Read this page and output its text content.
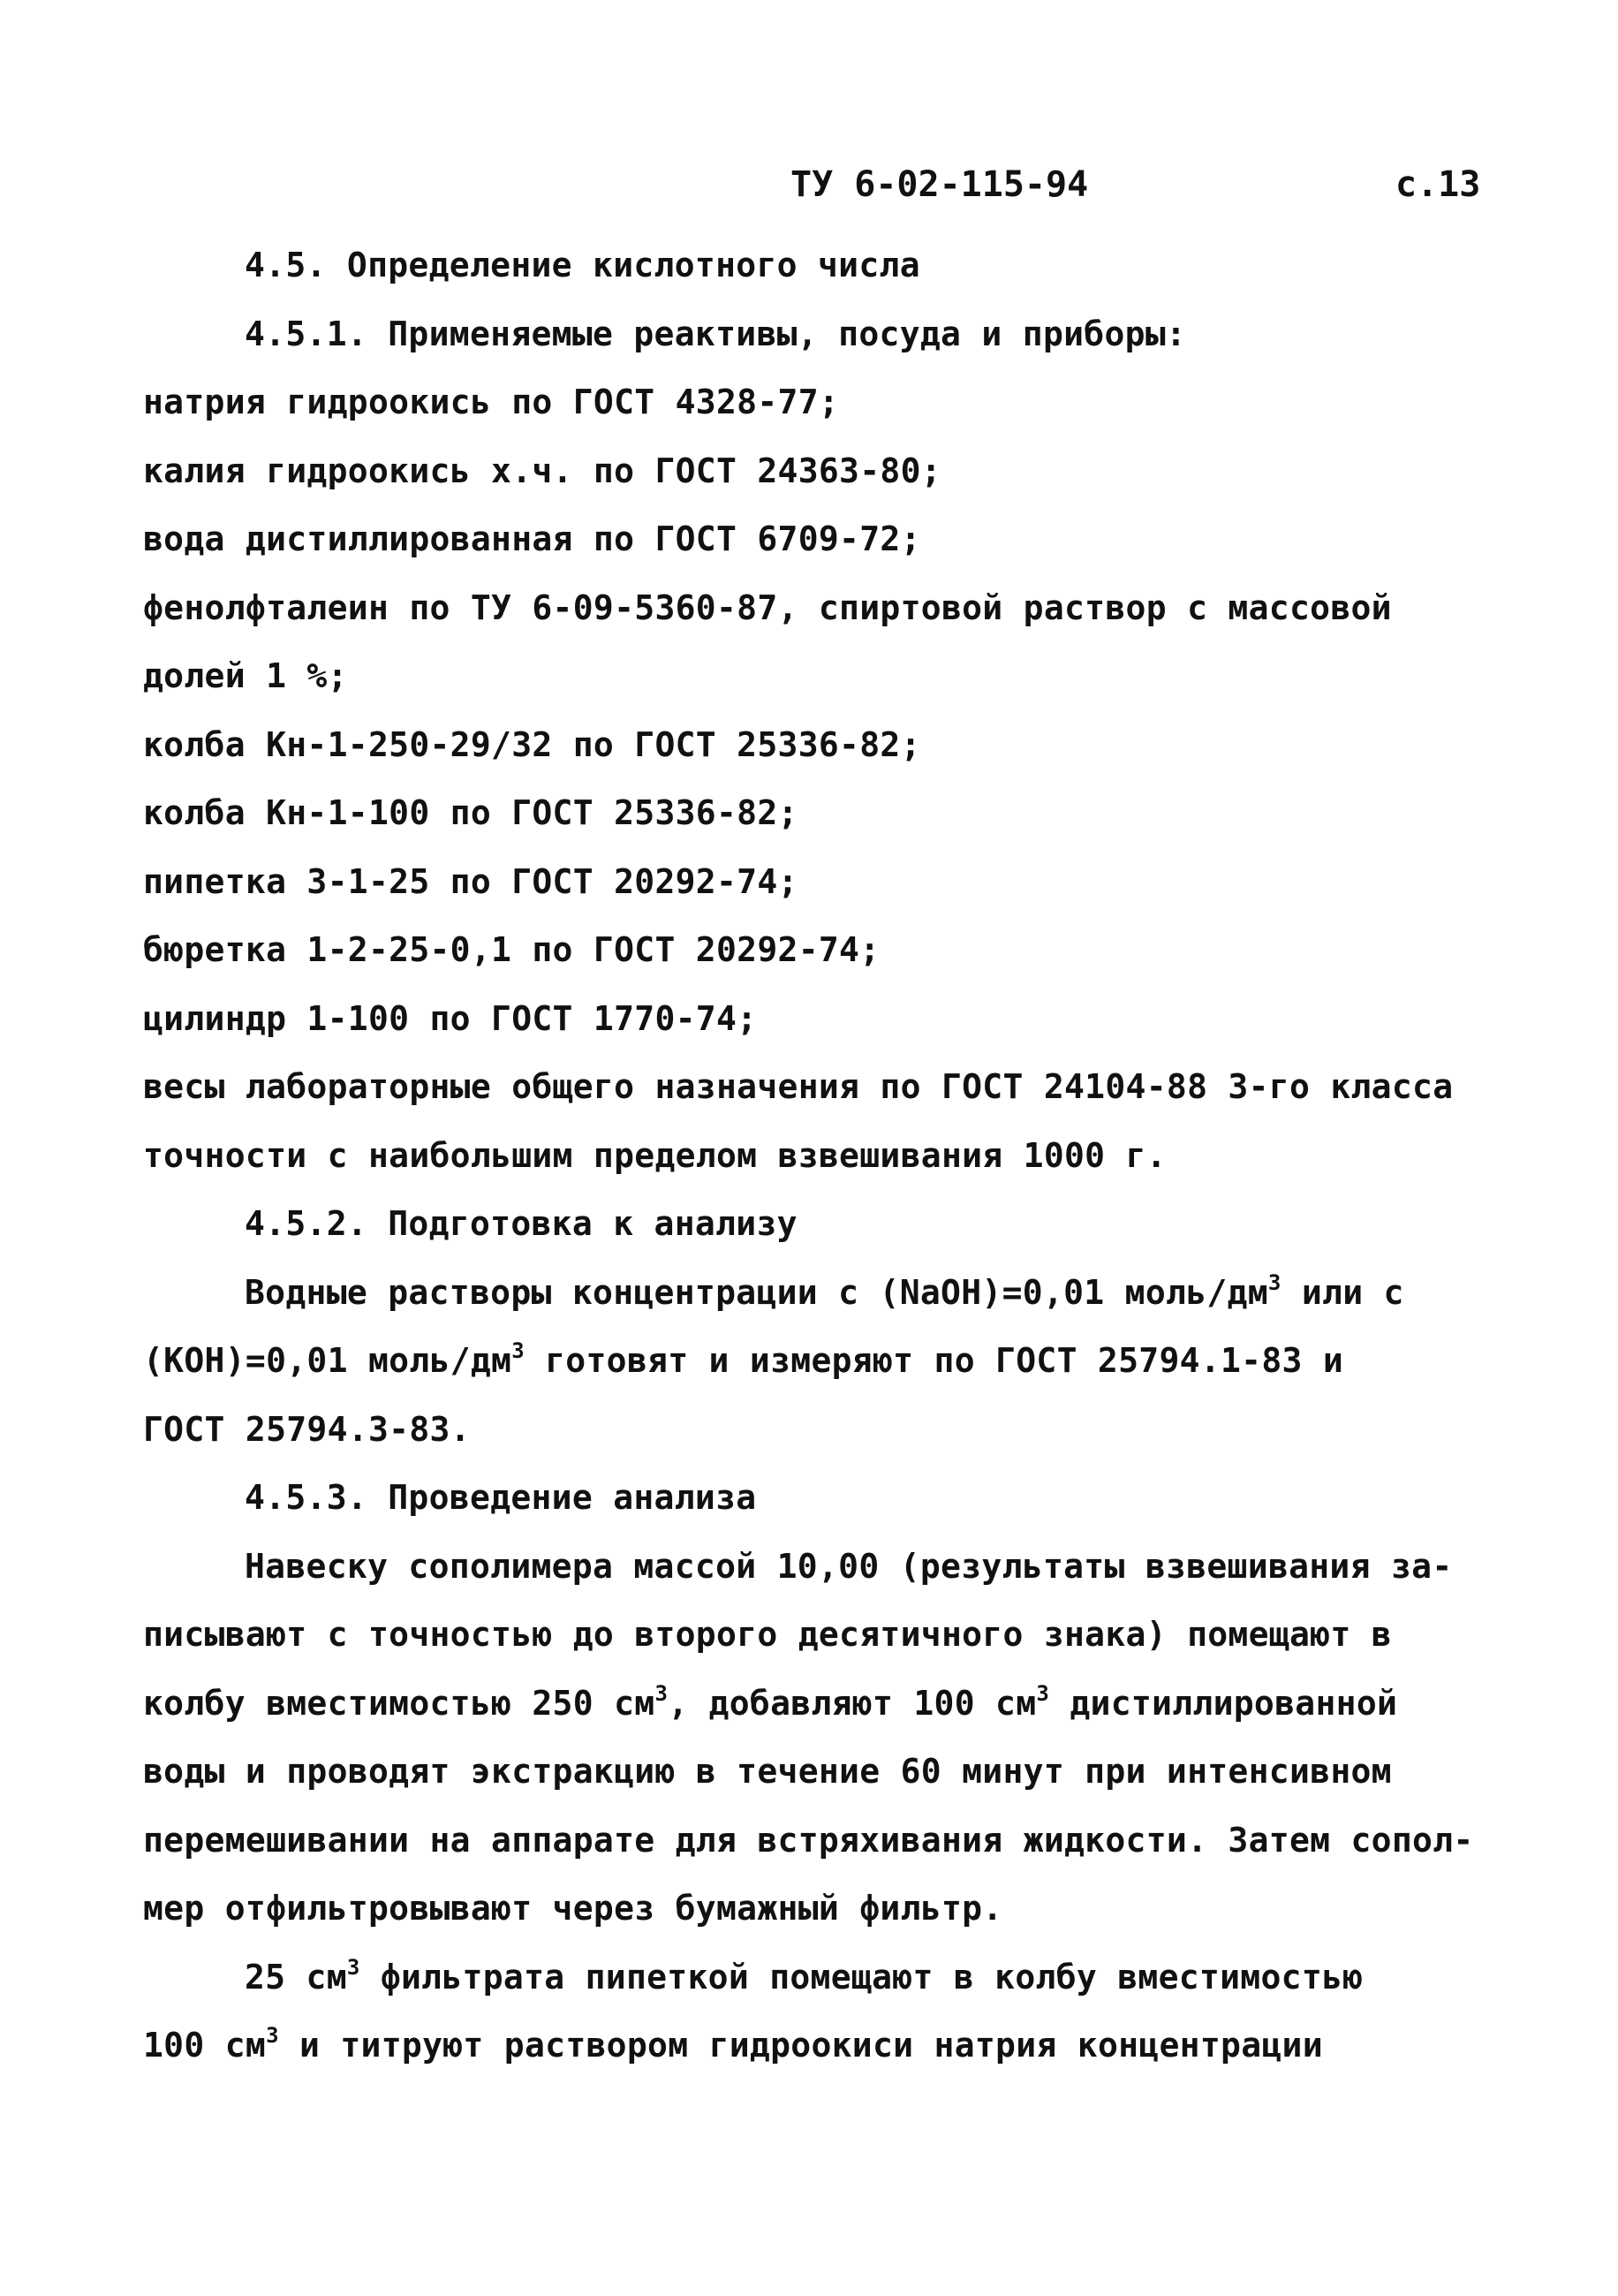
ТУ 6-02-115-94	с.13
4.5. Определение кислотного числа
4.5.1. Применяемые реактивы, посуда и приборы:
натрия гидроокись по ГОСТ 4328-77;
калия гидроокись х.ч. по ГОСТ 24363-80;
вода дистиллированная по ГОСТ 6709-72;
фенолфталеин по ТУ 6-09-5360-87, спиртовой раствор с массовой
долей 1 %;
колба Кн-1-250-29/32 по ГОСТ 25336-82;
колба Кн-1-100 по ГОСТ 25336-82;
пипетка 3-1-25 по ГОСТ 20292-74;
бюретка 1-2-25-0,1 по ГОСТ 20292-74;
цилиндр 1-100 по ГОСТ 1770-74;
весы лабораторные общего назначения по ГОСТ 24104-88 3-го класса
точности с наибольшим пределом взвешивания 1000 г.
4.5.2. Подготовка к анализу
Водные растворы концентрации с (NaOH)=0,01 моль/$дм^3$ или с
(KOH)=0,01 моль/$дм^3$ готовят и измеряют по ГОСТ 25794.1-83 и
ГОСТ 25794.3-83.
4.5.3. Проведение анализа
Навеску сополимера массой 10,00 (результаты взвешивания за-
писывают с точностью до второго десятичного знака) помещают в
колбу вместимостью 250 $см^3$, добавляют 100 $см^3$ дистиллированной
воды и проводят экстракцию в течение 60 минут при интенсивном
перемешивании на аппарате для встряхивания жидкости. Затем сопол-
мер отфильтровывают через бумажный фильтр.
25 $см^3$ фильтрата пипеткой помещают в колбу вместимостью
100 $см^3$ и титруют раствором гидроокиси натрия концентрации
